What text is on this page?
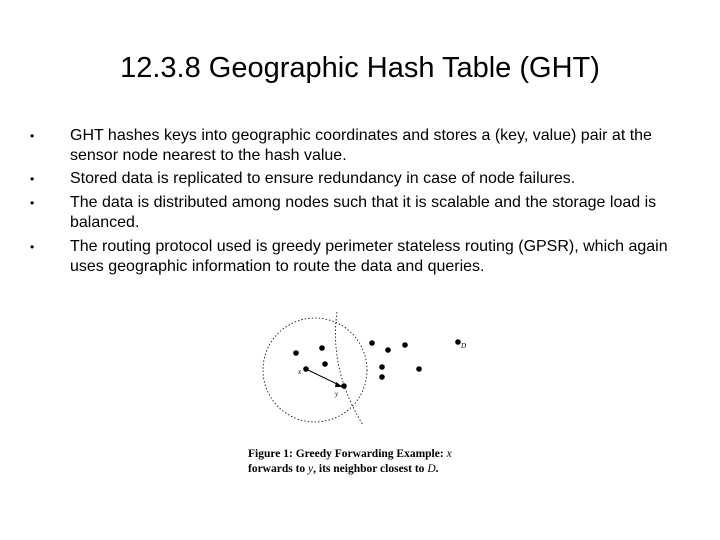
12.3.8 Geographic Hash Table (GHT)
•	GHT hashes keys into geographic coordinates and stores a (key, value) pair at the sensor node nearest to the hash value.
•	Stored data is replicated to ensure redundancy in case of node failures.
•	The data is distributed among nodes such that it is scalable and the storage load is balanced.
•	The routing protocol used is greedy perimeter stateless routing (GPSR), which again uses geographic information to route the data and queries.
x
y
D
Figure 1: Greedy Forwarding Example: x
forwards to y, its neighbor closest to D.
